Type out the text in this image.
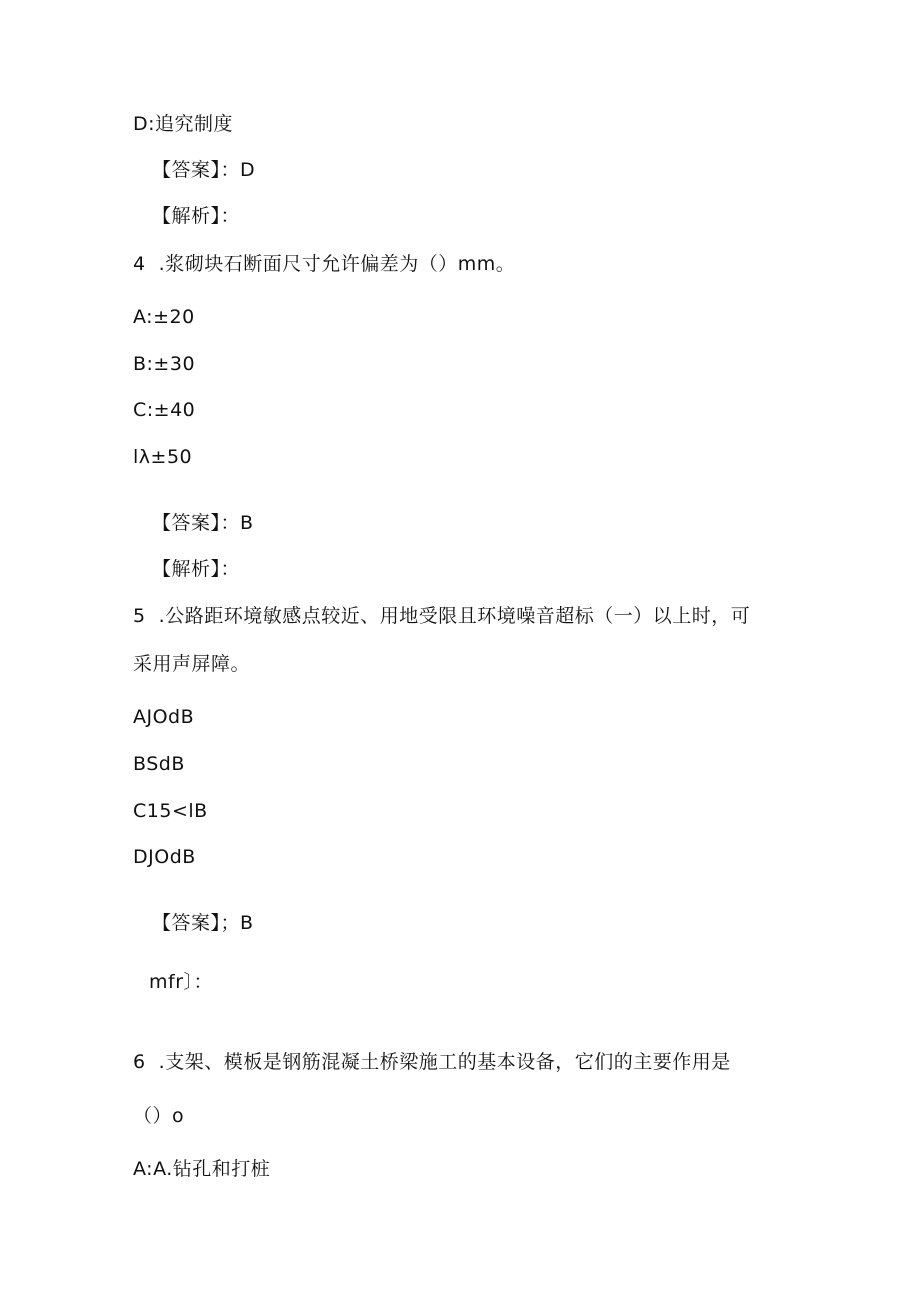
D:追究制度
【答案】：D
【解析】：
4  .浆砌块石断面尺寸允许偏差为（）mm。
A:±20
B:±30
C:±40
lλ±50
【答案】：B
【解析】：
5  .公路距环境敏感点较近、用地受限且环境噪音超标（一）以上时，可
采用声屏障。
AJOdB
BSdB
C15<lB
DJOdB
【答案】；B
mfr〕：
6  .支架、模板是钢筋混凝土桥梁施工的基本设备，它们的主要作用是
（）o
A:A.钻孔和打桩
